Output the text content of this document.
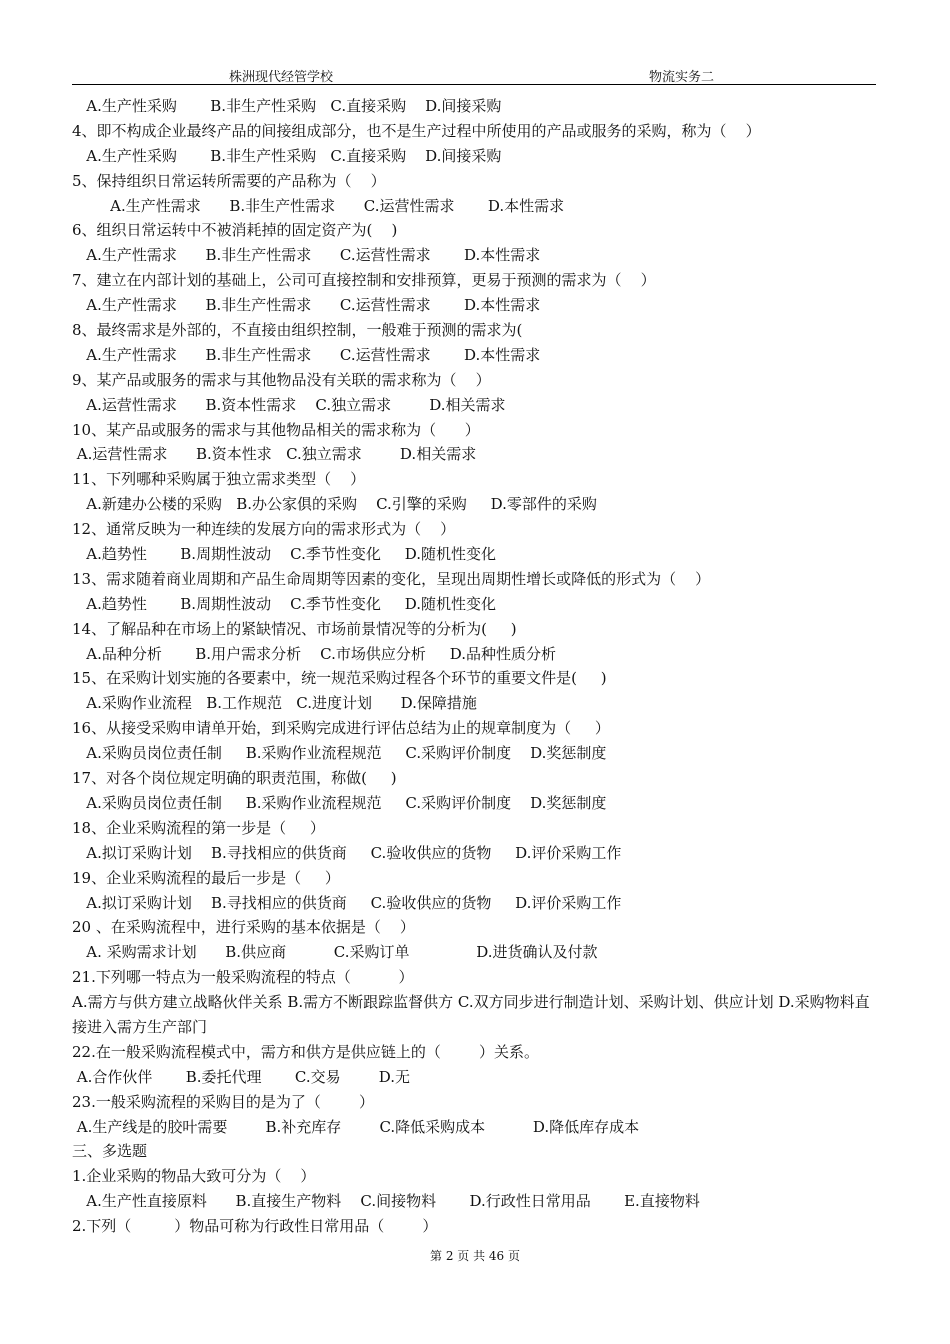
株洲现代经管学校	物流实务二
A.生产性采购       B.非生产性采购   C.直接采购    D.间接采购
4、即不构成企业最终产品的间接组成部分，也不是生产过程中所使用的产品或服务的采购，称为（    ）
A.生产性采购       B.非生产性采购   C.直接采购    D.间接采购
5、保持组织日常运转所需要的产品称为（    ）
A.生产性需求      B.非生产性需求      C.运营性需求       D.本性需求
6、组织日常运转中不被消耗掉的固定资产为(    )
A.生产性需求      B.非生产性需求      C.运营性需求       D.本性需求
7、建立在内部计划的基础上，公司可直接控制和安排预算，更易于预测的需求为（    ）
A.生产性需求      B.非生产性需求      C.运营性需求       D.本性需求
8、最终需求是外部的，不直接由组织控制，一般难于预测的需求为(
A.生产性需求      B.非生产性需求      C.运营性需求       D.本性需求
9、某产品或服务的需求与其他物品没有关联的需求称为（    ）
A.运营性需求      B.资本性需求    C.独立需求        D.相关需求
10、某产品或服务的需求与其他物品相关的需求称为（      ）
A.运营性需求      B.资本性求   C.独立需求        D.相关需求
11、下列哪种采购属于独立需求类型（    ）
A.新建办公楼的采购   B.办公家俱的采购    C.引擎的采购     D.零部件的采购
12、通常反映为一种连续的发展方向的需求形式为（    ）
A.趋势性       B.周期性波动    C.季节性变化     D.随机性变化
13、需求随着商业周期和产品生命周期等因素的变化，呈现出周期性增长或降低的形式为（    ）
A.趋势性       B.周期性波动    C.季节性变化     D.随机性变化
14、了解品种在市场上的紧缺情况、市场前景情况等的分析为(     )
A.品种分析       B.用户需求分析    C.市场供应分析     D.品种性质分析
15、在采购计划实施的各要素中，统一规范采购过程各个环节的重要文件是(     )
A.采购作业流程   B.工作规范   C.进度计划      D.保障措施
16、从接受采购申请单开始，到采购完成进行评估总结为止的规章制度为（     ）
A.采购员岗位责任制     B.采购作业流程规范     C.采购评价制度    D.奖惩制度
17、对各个岗位规定明确的职责范围，称做(     )
A.采购员岗位责任制     B.采购作业流程规范     C.采购评价制度    D.奖惩制度
18、企业采购流程的第一步是（     ）
A.拟订采购计划    B.寻找相应的供货商     C.验收供应的货物     D.评价采购工作
19、企业采购流程的最后一步是（     ）
A.拟订采购计划    B.寻找相应的供货商     C.验收供应的货物     D.评价采购工作
20 、在采购流程中，进行采购的基本依据是（    ）
A. 采购需求计划      B.供应商          C.采购订单              D.进货确认及付款
21.下列哪一特点为一般采购流程的特点（          ）
A.需方与供方建立战略伙伴关系 B.需方不断跟踪监督供方 C.双方同步进行制造计划、采购计划、供应计划 D.采购物料直接进入需方生产部门
22.在一般采购流程模式中，需方和供方是供应链上的（        ）关系。
A.合作伙伴       B.委托代理       C.交易        D.无
23.一般采购流程的采购目的是为了（        ）
A.生产线是的胶叶需要        B.补充库存        C.降低采购成本          D.降低库存成本
三、多选题
1.企业采购的物品大致可分为（    ）
A.生产性直接原料      B.直接生产物料    C.间接物料       D.行政性日常用品       E.直接物料
2.下列（         ）物品可称为行政性日常用品（        ）
第 2 页 共 46 页
